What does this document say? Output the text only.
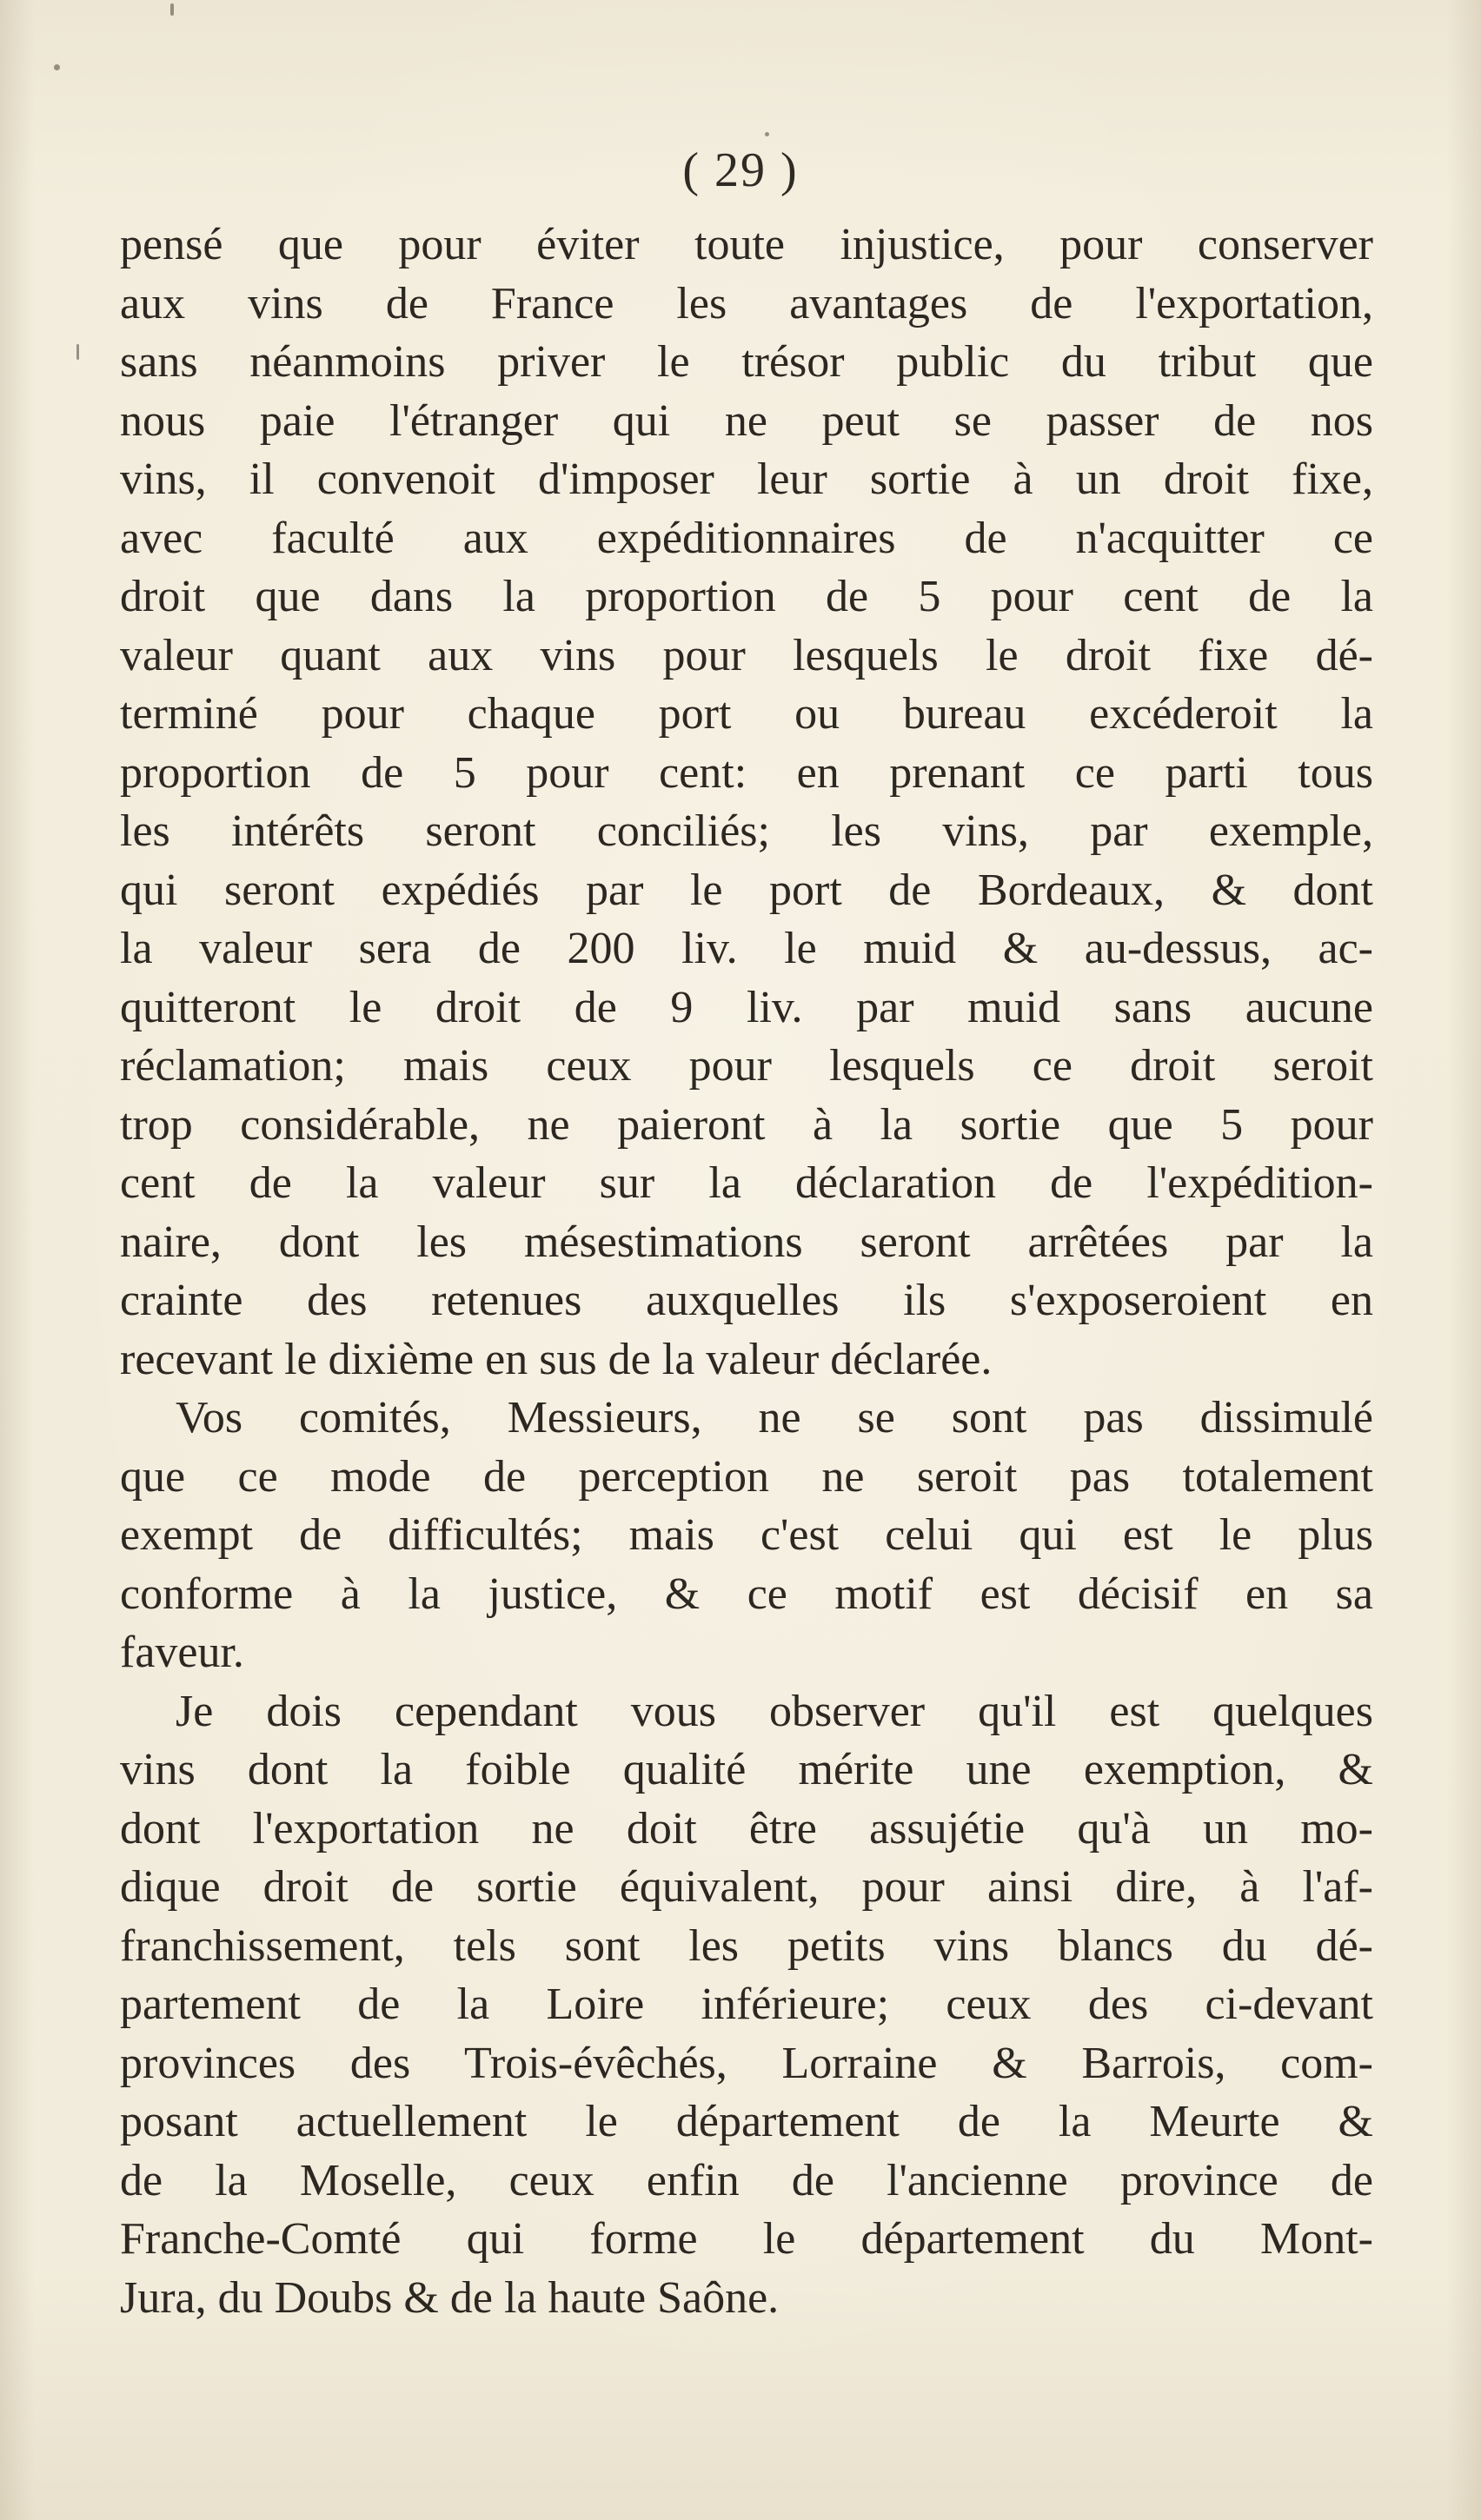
( 29 )
pensé que pour éviter toute injustice, pour conserver
aux vins de France les avantages de l'exportation,
sans néanmoins priver le trésor public du tribut que
nous paie l'étranger qui ne peut se passer de nos
vins, il convenoit d'imposer leur sortie à un droit fixe,
avec faculté aux expéditionnaires de n'acquitter ce
droit que dans la proportion de 5 pour cent de la
valeur quant aux vins pour lesquels le droit fixe dé-
terminé pour chaque port ou bureau excéderoit la
proportion de 5 pour cent: en prenant ce parti tous
les intérêts seront conciliés; les vins, par exemple,
qui seront expédiés par le port de Bordeaux, & dont
la valeur sera de 200 liv. le muid & au-dessus, ac-
quitteront le droit de 9 liv. par muid sans aucune
réclamation; mais ceux pour lesquels ce droit seroit
trop considérable, ne paieront à la sortie que 5 pour
cent de la valeur sur la déclaration de l'expédition-
naire, dont les mésestimations seront arrêtées par la
crainte des retenues auxquelles ils s'exposeroient en
recevant le dixième en sus de la valeur déclarée.
Vos comités, Messieurs, ne se sont pas dissimulé
que ce mode de perception ne seroit pas totalement
exempt de difficultés; mais c'est celui qui est le plus
conforme à la justice, & ce motif est décisif en sa
faveur.
Je dois cependant vous observer qu'il est quelques
vins dont la foible qualité mérite une exemption, &
dont l'exportation ne doit être assujétie qu'à un mo-
dique droit de sortie équivalent, pour ainsi dire, à l'af-
franchissement, tels sont les petits vins blancs du dé-
partement de la Loire inférieure; ceux des ci-devant
provinces des Trois-évêchés, Lorraine & Barrois, com-
posant actuellement le département de la Meurte &
de la Moselle, ceux enfin de l'ancienne province de
Franche-Comté qui forme le département du Mont-
Jura, du Doubs & de la haute Saône.
